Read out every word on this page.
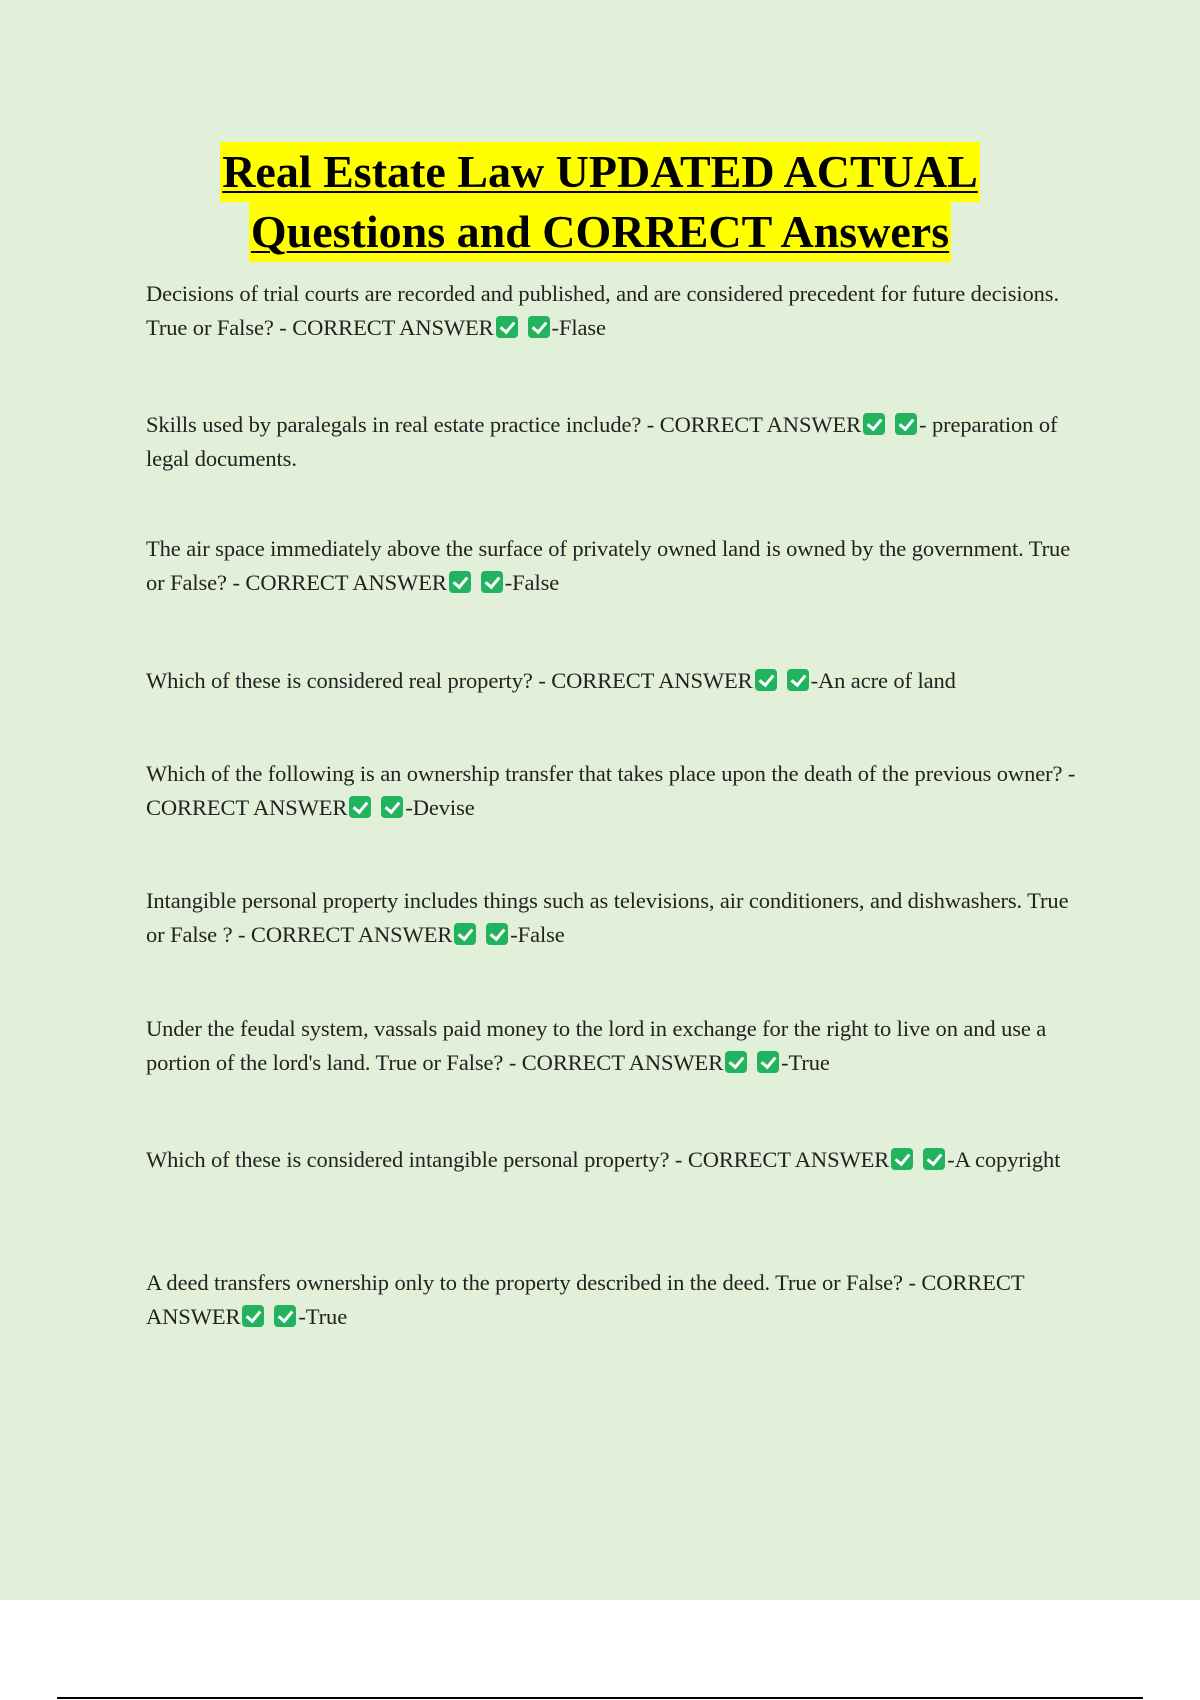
Real Estate Law UPDATED ACTUAL
Questions and CORRECT Answers
Decisions of trial courts are recorded and published, and are considered precedent for future decisions. True or False? - CORRECT ANSWER	-Flase
Skills used by paralegals in real estate practice include? - CORRECT ANSWER	- preparation of legal documents.
The air space immediately above the surface of privately owned land is owned by the government. True or False? - CORRECT ANSWER	-False
Which of these is considered real property? - CORRECT ANSWER	-An acre of land
Which of the following is an ownership transfer that takes place upon the death of the previous owner? - CORRECT ANSWER	-Devise
Intangible personal property includes things such as televisions, air conditioners, and dishwashers. True or False ? - CORRECT ANSWER	-False
Under the feudal system, vassals paid money to the lord in exchange for the right to live on and use a portion of the lord's land. True or False? - CORRECT ANSWER	-True
Which of these is considered intangible personal property? - CORRECT ANSWER	-A copyright
A deed transfers ownership only to the property described in the deed. True or False? - CORRECT ANSWER	-True
